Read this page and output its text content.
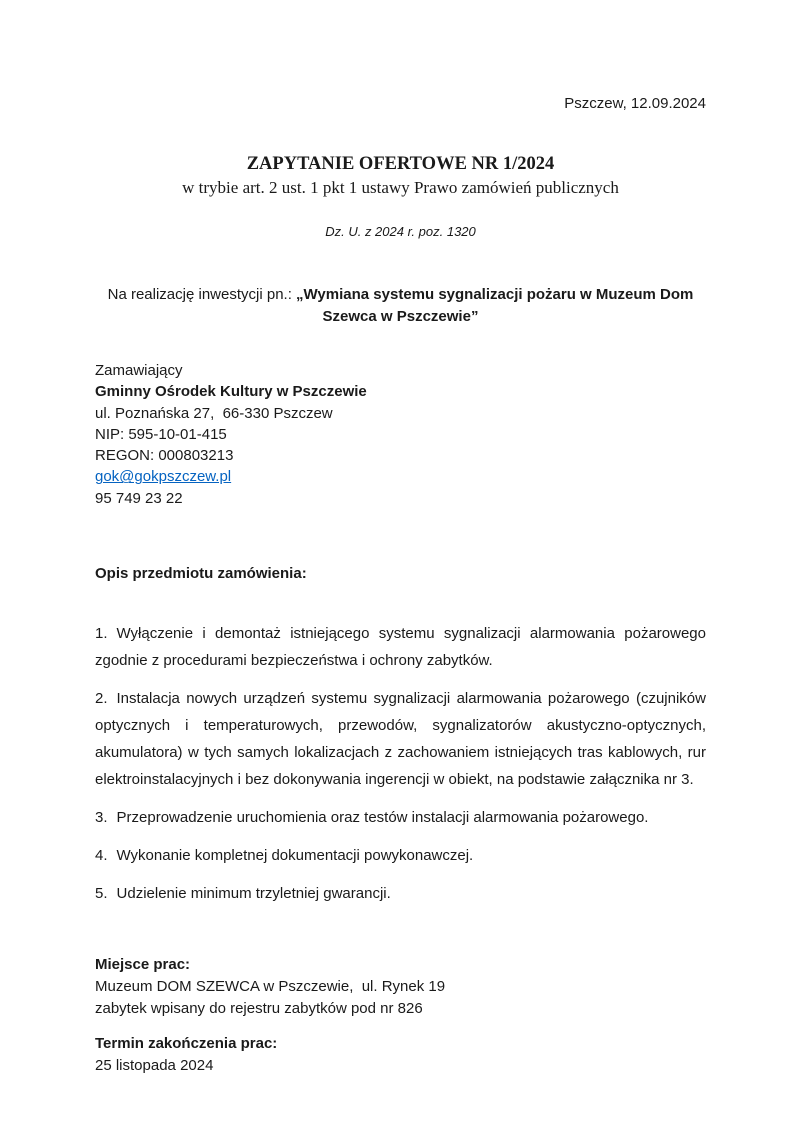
Pszczew, 12.09.2024
ZAPYTANIE OFERTOWE NR 1/2024
w trybie art. 2 ust. 1 pkt 1 ustawy Prawo zamówień publicznych
Dz. U. z 2024 r. poz. 1320
Na realizację inwestycji pn.: „Wymiana systemu sygnalizacji pożaru w Muzeum Dom
Szewca w Pszczewie”
Zamawiający
Gminny Ośrodek Kultury w Pszczewie
ul. Poznańska 27,  66-330 Pszczew
NIP: 595-10-01-415
REGON: 000803213
gok@gokpszczew.pl
95 749 23 22
Opis przedmiotu zamówienia:

1. Wyłączenie i demontaż istniejącego systemu sygnalizacji alarmowania pożarowego zgodnie z procedurami bezpieczeństwa i ochrony zabytków.

2. Instalacja nowych urządzeń systemu sygnalizacji alarmowania pożarowego (czujników optycznych i temperaturowych, przewodów, sygnalizatorów akustyczno-optycznych, akumulatora) w tych samych lokalizacjach z zachowaniem istniejących tras kablowych, rur elektroinstalacyjnych i bez dokonywania ingerencji w obiekt, na podstawie załącznika nr 3.

3. Przeprowadzenie uruchomienia oraz testów instalacji alarmowania pożarowego.

4. Wykonanie kompletnej dokumentacji powykonawczej.

5. Udzielenie minimum trzyletniej gwarancji.

Miejsce prac:
Muzeum DOM SZEWCA w Pszczewie,  ul. Rynek 19
zabytek wpisany do rejestru zabytków pod nr 826
Termin zakończenia prac:
25 listopada 2024
